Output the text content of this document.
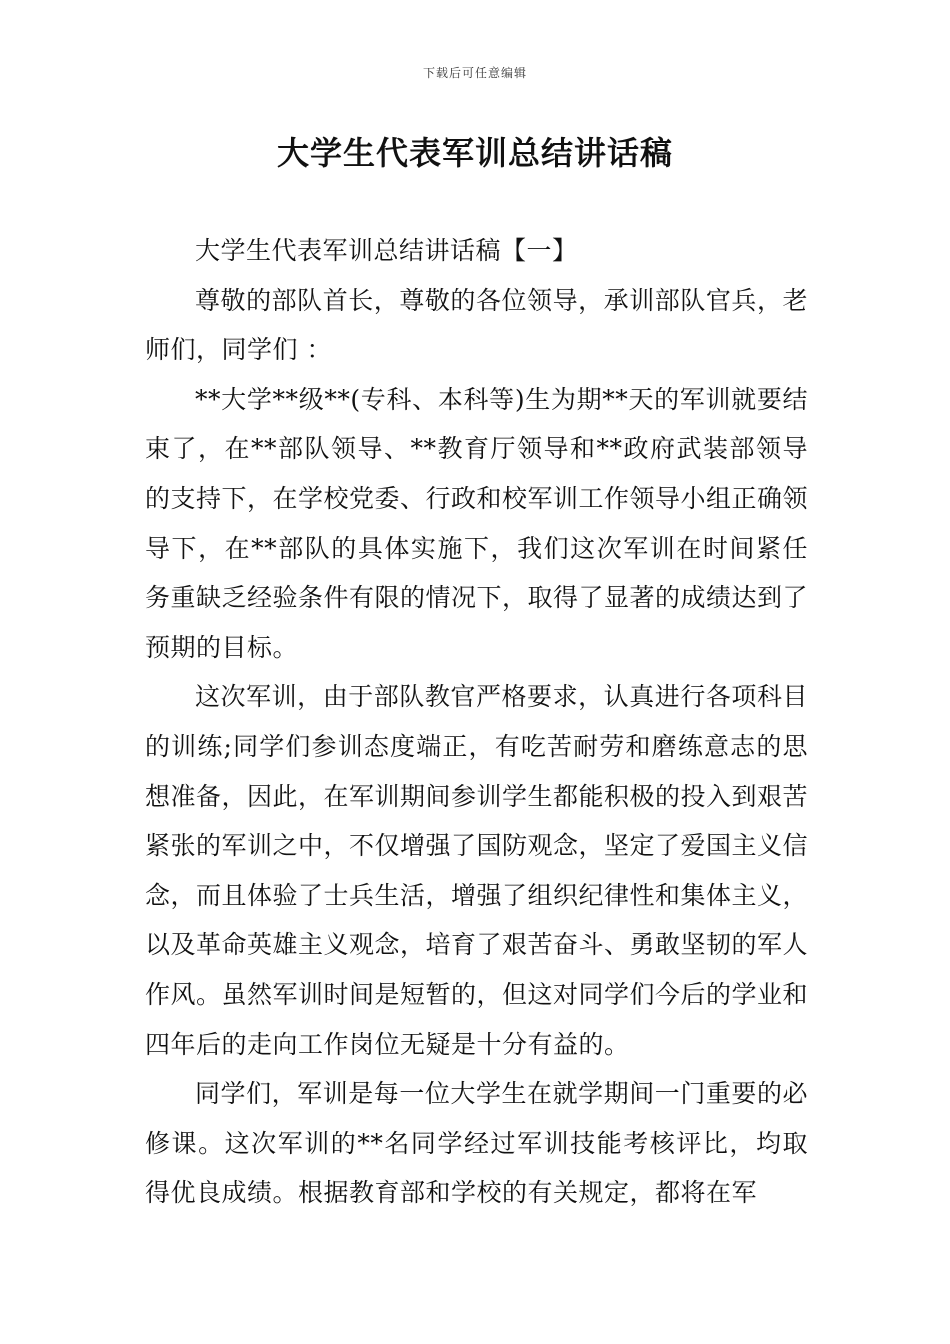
下载后可任意编辑
大学生代表军训总结讲话稿

大学生代表军训总结讲话稿【一】

尊敬的部队首长，尊敬的各位领导，承训部队官兵，老师们，同学们 ：

**大学**级**(专科、本科等)生为期**天的军训就要结束了，在**部队领导、**教育厅领导和**政府武装部领导的支持下，在学校党委、行政和校军训工作领导小组正确领导下，在**部队的具体实施下，我们这次军训在时间紧任务重缺乏经验条件有限的情况下，取得了显著的成绩达到了预期的目标。

这次军训，由于部队教官严格要求，认真进行各项科目的训练;同学们参训态度端正，有吃苦耐劳和磨练意志的思想准备，因此，在军训期间参训学生都能积极的投入到艰苦紧张的军训之中，不仅增强了国防观念，坚定了爱国主义信念，而且体验了士兵生活，增强了组织纪律性和集体主义，以及革命英雄主义观念，培育了艰苦奋斗、勇敢坚韧的军人作风。虽然军训时间是短暂的，但这对同学们今后的学业和四年后的走向工作岗位无疑是十分有益的。

同学们，军训是每一位大学生在就学期间一门重要的必修课。这次军训的**名同学经过军训技能考核评比，均取得优良成绩。根据教育部和学校的有关规定，都将在军
